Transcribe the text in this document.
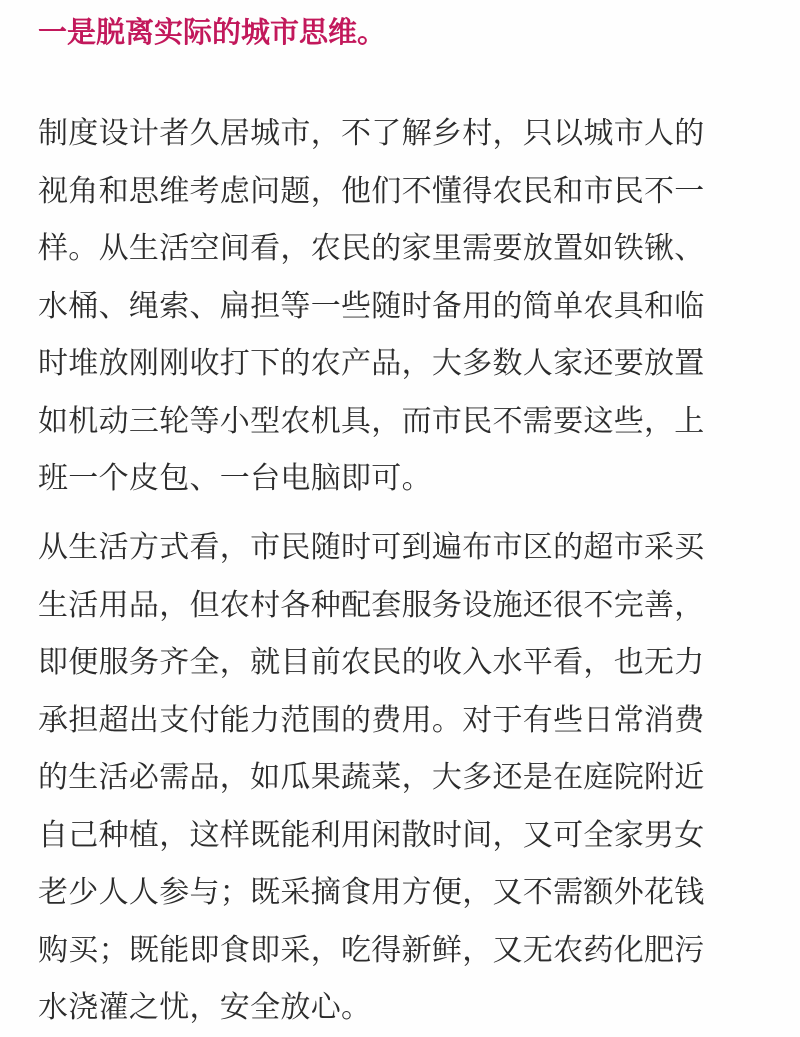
一是脱离实际的城市思维。
制度设计者久居城市，不了解乡村，只以城市人的
视角和思维考虑问题，他们不懂得农民和市民不一
样。从生活空间看，农民的家里需要放置如铁锹、
水桶、绳索、扁担等一些随时备用的简单农具和临
时堆放刚刚收打下的农产品，大多数人家还要放置
如机动三轮等小型农机具，而市民不需要这些，上
班一个皮包、一台电脑即可。
从生活方式看，市民随时可到遍布市区的超市采买
生活用品，但农村各种配套服务设施还很不完善，
即便服务齐全，就目前农民的收入水平看，也无力
承担超出支付能力范围的费用。对于有些日常消费
的生活必需品，如瓜果蔬菜，大多还是在庭院附近
自己种植，这样既能利用闲散时间，又可全家男女
老少人人参与；既采摘食用方便，又不需额外花钱
购买；既能即食即采，吃得新鲜，又无农药化肥污
水浇灌之忧，安全放心。
